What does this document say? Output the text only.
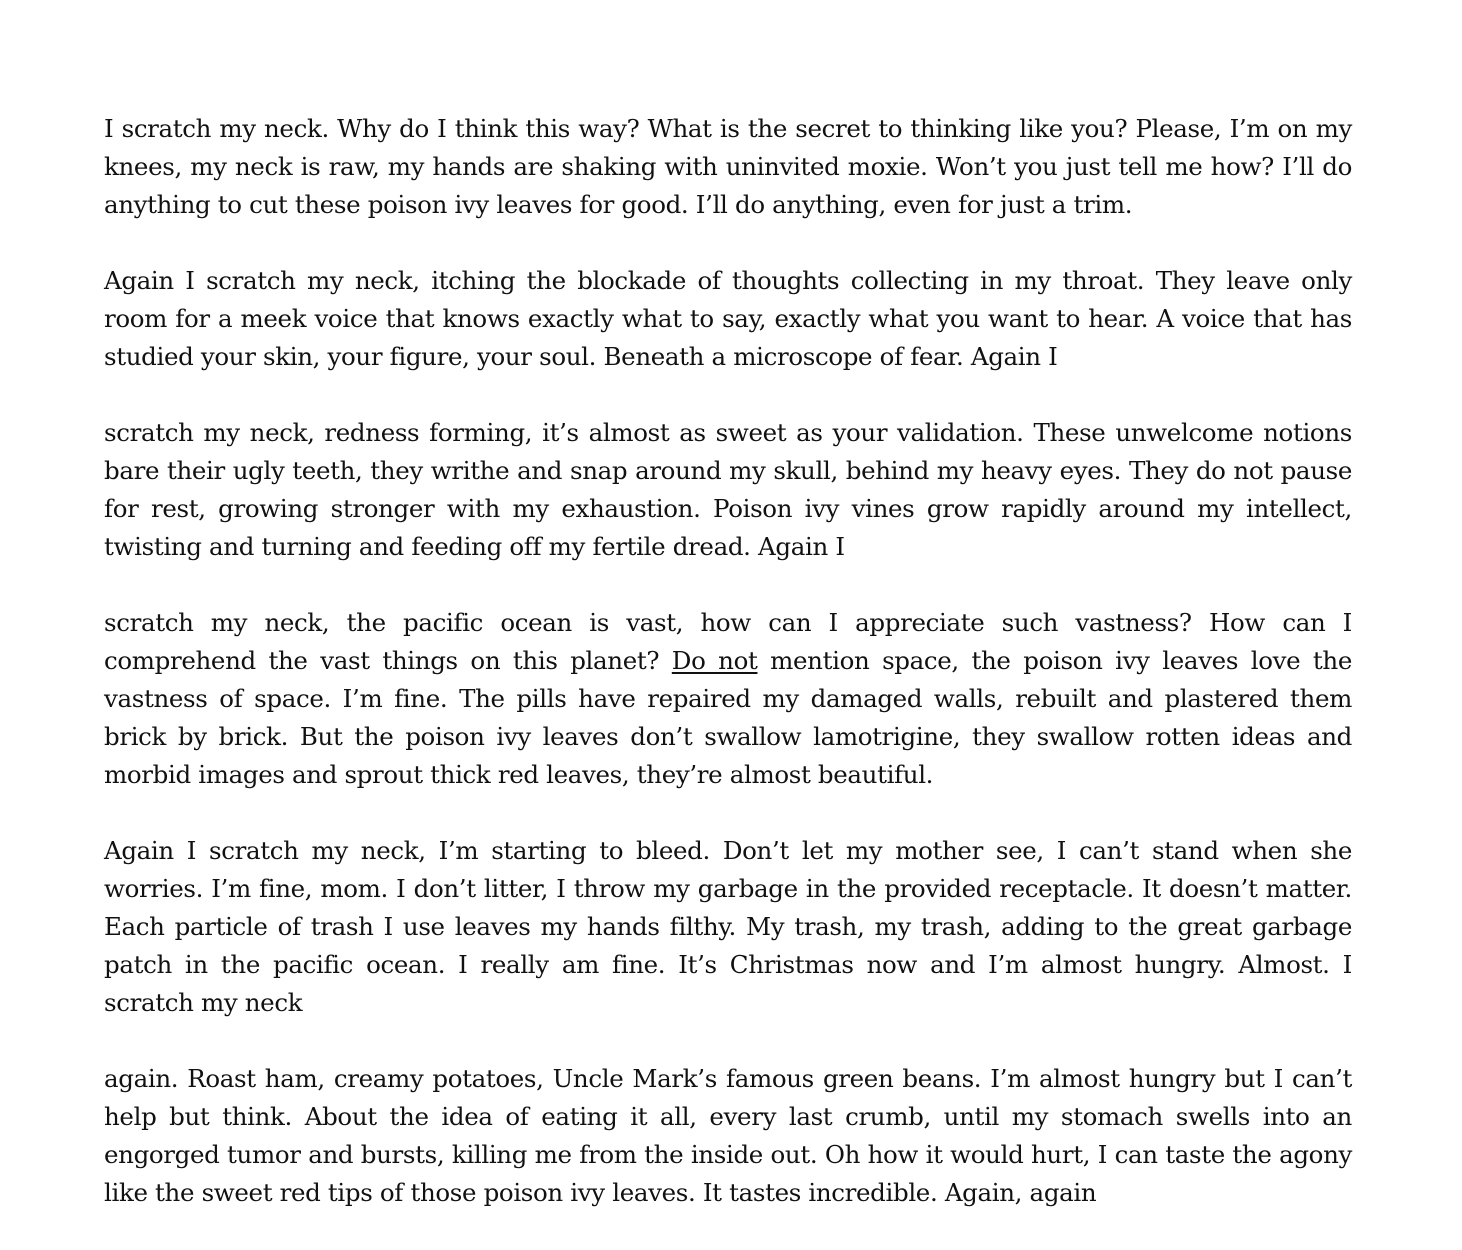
I scratch my neck. Why do I think this way? What is the secret to thinking like you? Please, I’m on my knees, my neck is raw, my hands are shaking with uninvited moxie. Won’t you just tell me how? I’ll do anything to cut these poison ivy leaves for good. I’ll do anything, even for just a trim.

Again I scratch my neck, itching the blockade of thoughts collecting in my throat. They leave only room for a meek voice that knows exactly what to say, exactly what you want to hear. A voice that has studied your skin, your figure, your soul. Beneath a microscope of fear. Again I

scratch my neck, redness forming, it’s almost as sweet as your validation. These unwelcome notions bare their ugly teeth, they writhe and snap around my skull, behind my heavy eyes. They do not pause for rest, growing stronger with my exhaustion. Poison ivy vines grow rapidly around my intellect, twisting and turning and feeding off my fertile dread. Again I

scratch my neck, the pacific ocean is vast, how can I appreciate such vastness? How can I comprehend the vast things on this planet? Do not mention space, the poison ivy leaves love the vastness of space. I’m fine. The pills have repaired my damaged walls, rebuilt and plastered them brick by brick. But the poison ivy leaves don’t swallow lamotrigine, they swallow rotten ideas and morbid images and sprout thick red leaves, they’re almost beautiful.

Again I scratch my neck, I’m starting to bleed. Don’t let my mother see, I can’t stand when she worries. I’m fine, mom. I don’t litter, I throw my garbage in the provided receptacle. It doesn’t matter. Each particle of trash I use leaves my hands filthy. My trash, my trash, adding to the great garbage patch in the pacific ocean. I really am fine. It’s Christmas now and I’m almost hungry. Almost. I scratch my neck

again. Roast ham, creamy potatoes, Uncle Mark’s famous green beans. I’m almost hungry but I can’t help but think. About the idea of eating it all, every last crumb, until my stomach swells into an engorged tumor and bursts, killing me from the inside out. Oh how it would hurt, I can taste the agony like the sweet red tips of those poison ivy leaves. It tastes incredible. Again, again
